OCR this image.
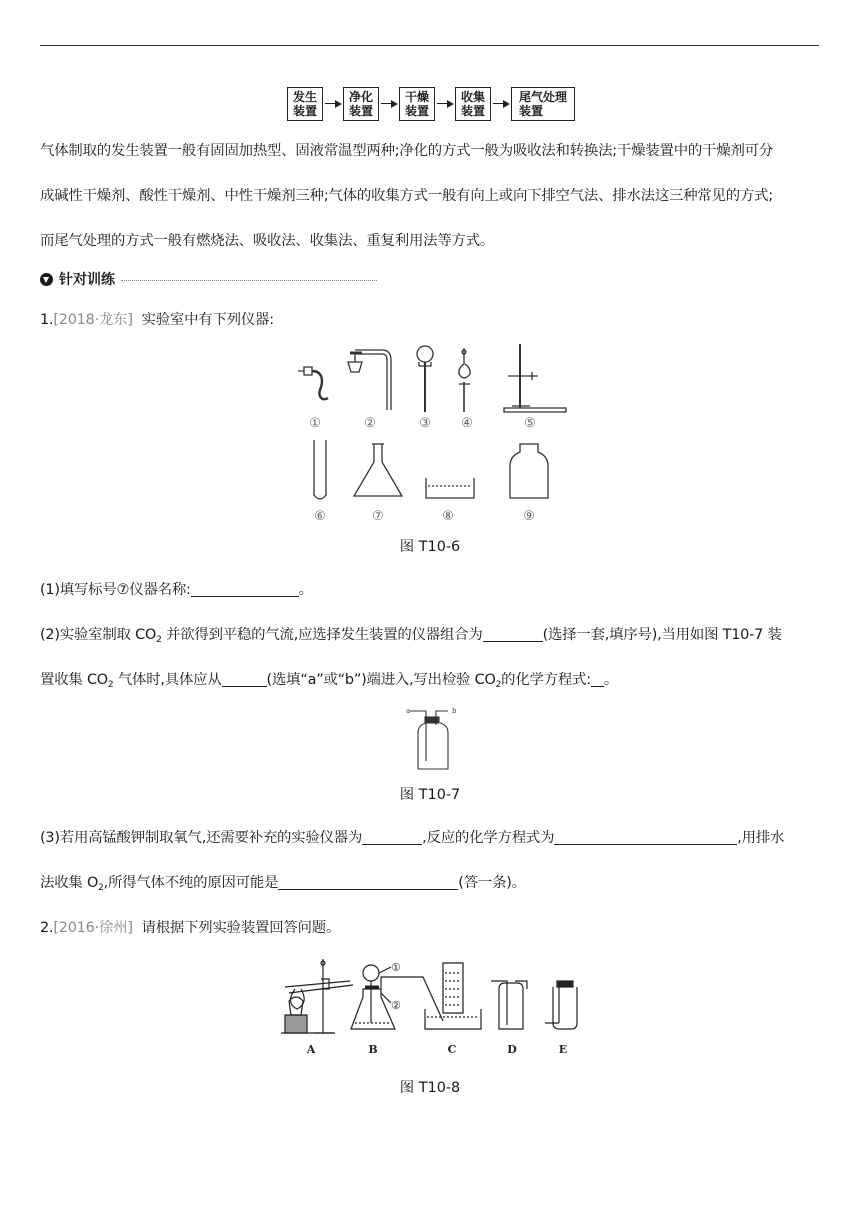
发生
装置
净化
装置
干燥
装置
收集
装置
尾气处理
装置
气体制取的发生装置一般有固固加热型、固液常温型两种;净化的方式一般为吸收法和转换法;干燥装置中的干燥剂可分
成碱性干燥剂、酸性干燥剂、中性干燥剂三种;气体的收集方式一般有向上或向下排空气法、排水法这三种常见的方式;
而尾气处理的方式一般有燃烧法、吸收法、收集法、重复利用法等方式。
针对训练
1.[2018·龙东] 实验室中有下列仪器:
①	②	③ ④	⑤
⑥	⑦	⑧	⑨
图 T10-6
(1)填写标号⑦仪器名称:	。
(2)实验室制取 $CO_2$ 并欲得到平稳的气流,应选择发生装置的仪器组合为	(选择一套,填序号),当用如图 T10-7 装
置收集 $CO_2$ 气体时,具体应从	(选填“a”或“b”)端进入,写出检验 $CO_2$的化学方程式: 。
a	b
图 T10-7
(3)若用高锰酸钾制取氧气,还需要补充的实验仪器为	,反应的化学方程式为	,用排水
法收集 $O_2$,所得气体不纯的原因可能是	(答一条)。
2.[2016·徐州] 请根据下列实验装置回答问题。
①
②
A	B	C	D	E
图 T10-8
